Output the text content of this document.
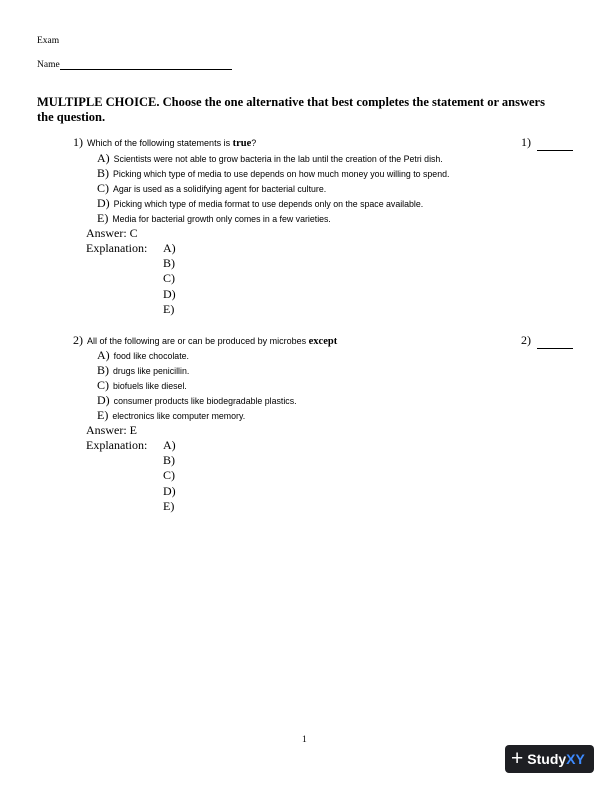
Exam
Name
MULTIPLE CHOICE. Choose the one alternative that best completes the statement or answers the question.
1) Which of the following statements is true?	1)
A) Scientists were not able to grow bacteria in the lab until the creation of the Petri dish.
B) Picking which type of media to use depends on how much money you willing to spend.
C) Agar is used as a solidifying agent for bacterial culture.
D) Picking which type of media format to use depends only on the space available.
E) Media for bacterial growth only comes in a few varieties.
Answer: C
Explanation: A)
B)
C)
D)
E)
2) All of the following are or can be produced by microbes except	2)
A) food like chocolate.
B) drugs like penicillin.
C) biofuels like diesel.
D) consumer products like biodegradable plastics.
E) electronics like computer memory.
Answer: E
Explanation: A)
B)
C)
D)
E)
1
+ Study XY
